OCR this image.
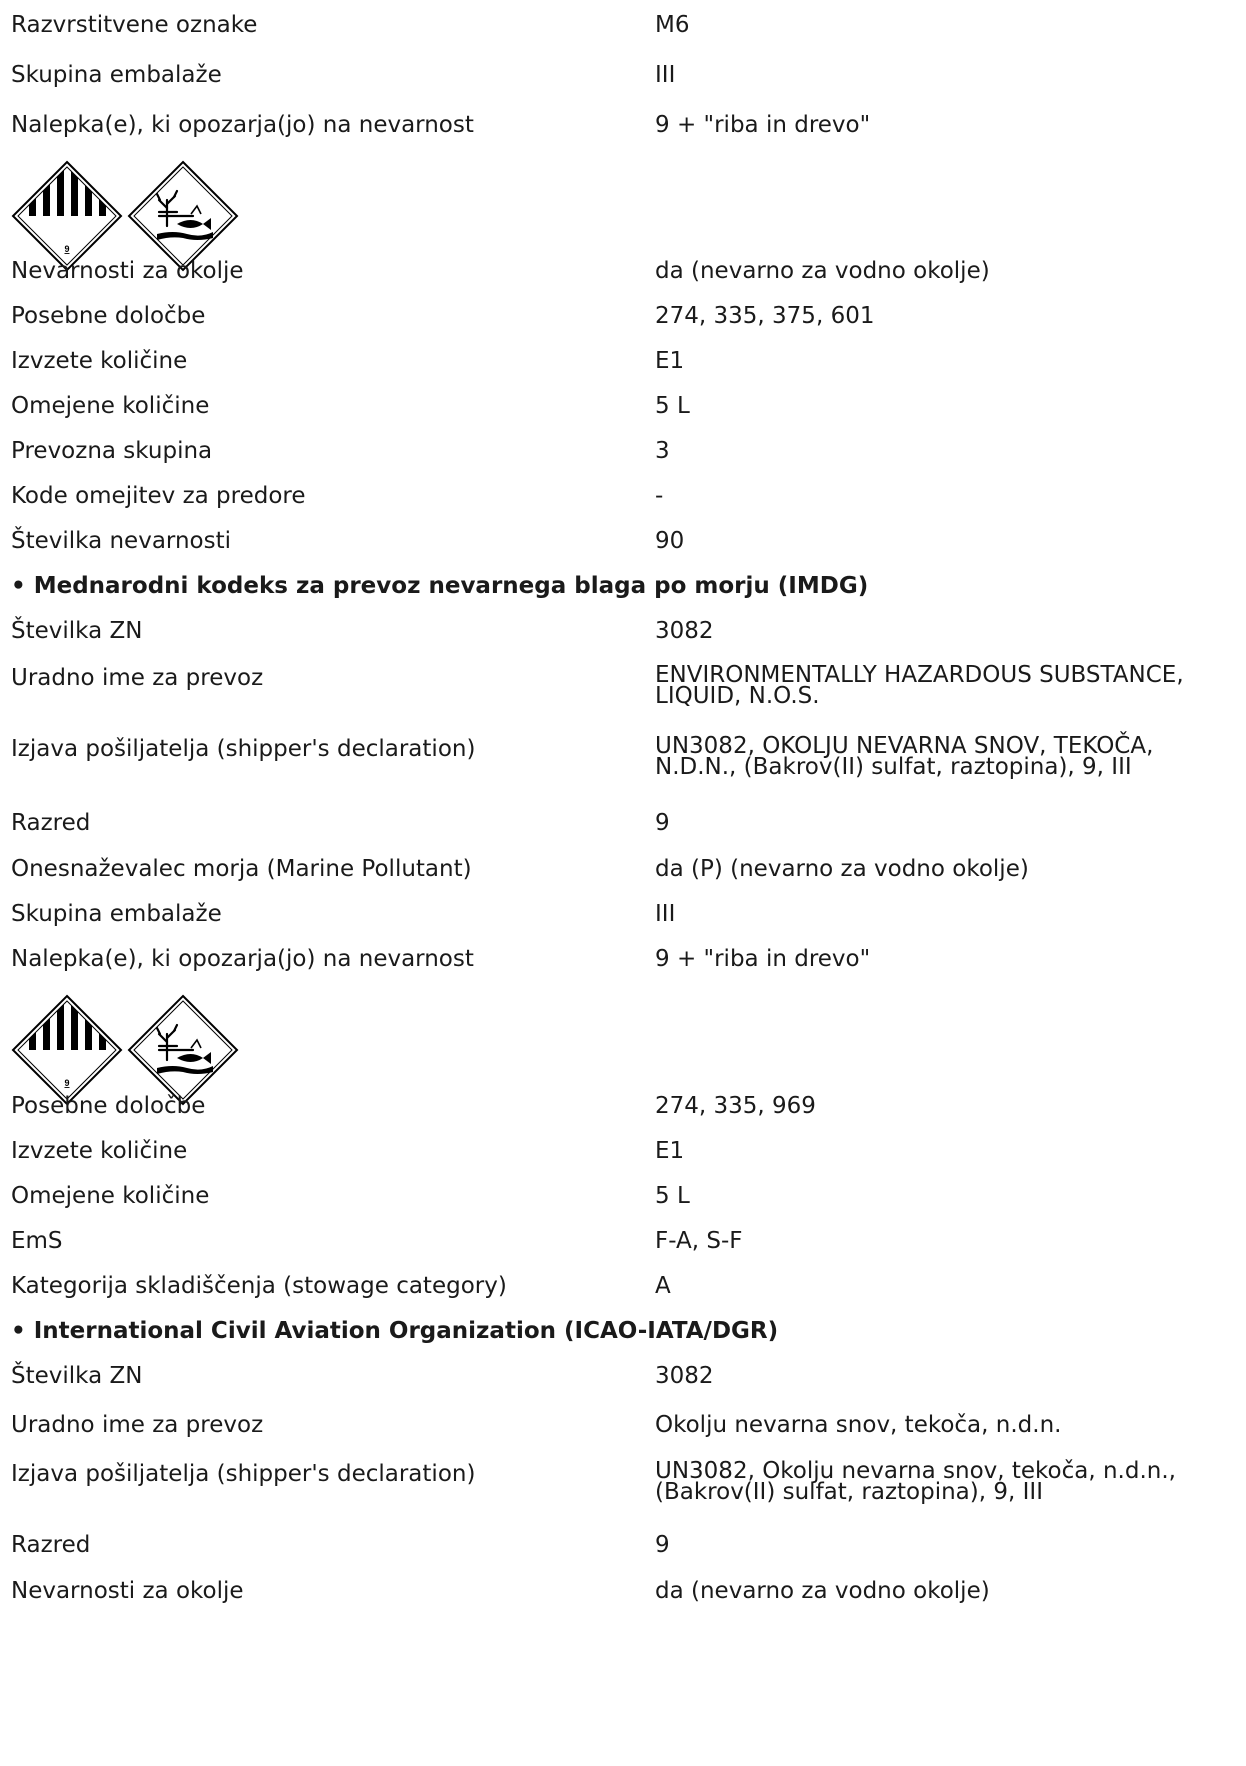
Razvrstitvene oznake	M6
Skupina embalaže	III
Nalepka(e), ki opozarja(jo) na nevarnost	9 + "riba in drevo"
9
Nevarnosti za okolje	da (nevarno za vodno okolje)
Posebne določbe	274, 335, 375, 601
Izvzete količine	E1
Omejene količine	5 L
Prevozna skupina	3
Kode omejitev za predore	-
Številka nevarnosti	90
• Mednarodni kodeks za prevoz nevarnega blaga po morju (IMDG)
Številka ZN	3082
Uradno ime za prevoz	ENVIRONMENTALLY HAZARDOUS SUBSTANCE,
LIQUID, N.O.S.
Izjava pošiljatelja (shipper's declaration)	UN3082, OKOLJU NEVARNA SNOV, TEKOČA,
N.D.N., (Bakrov(II) sulfat, raztopina), 9, III
Razred	9
Onesnaževalec morja (Marine Pollutant)	da (P) (nevarno za vodno okolje)
Skupina embalaže	III
Nalepka(e), ki opozarja(jo) na nevarnost	9 + "riba in drevo"
9
Posebne določbe	274, 335, 969
Izvzete količine	E1
Omejene količine	5 L
EmS	F-A, S-F
Kategorija skladiščenja (stowage category)	A
• International Civil Aviation Organization (ICAO-IATA/DGR)
Številka ZN	3082
Uradno ime za prevoz	Okolju nevarna snov, tekoča, n.d.n.
Izjava pošiljatelja (shipper's declaration)	UN3082, Okolju nevarna snov, tekoča, n.d.n.,
(Bakrov(II) sulfat, raztopina), 9, III
Razred	9
Nevarnosti za okolje	da (nevarno za vodno okolje)
